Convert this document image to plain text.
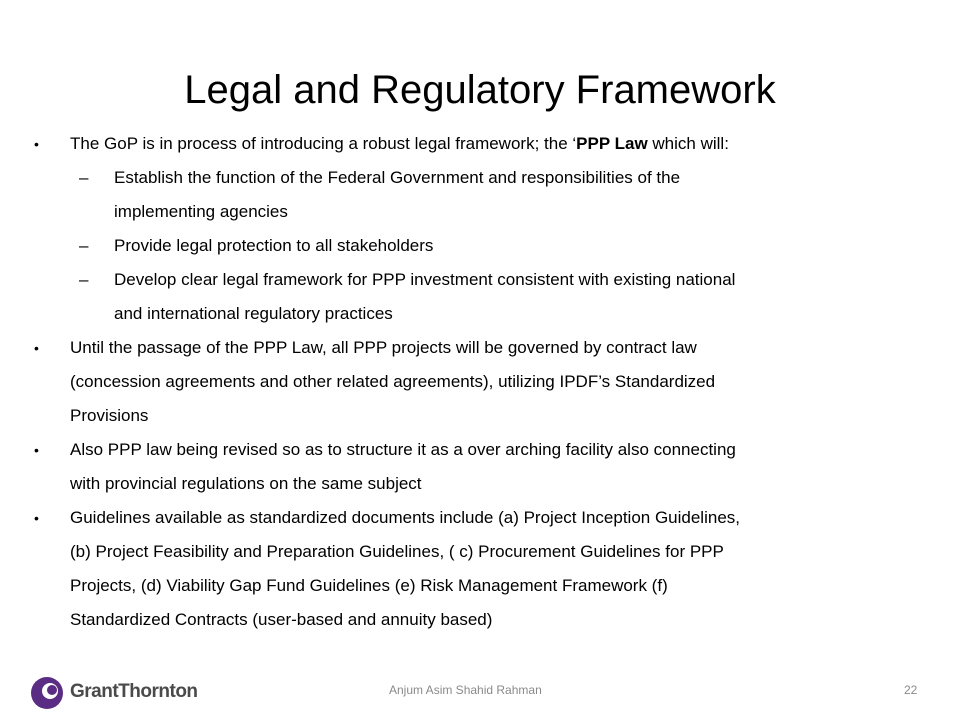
Legal and Regulatory Framework

• The GoP is in process of introducing a robust legal framework; the ‘PPP Law which will:

– Establish the function of the Federal Government and responsibilities of the
implementing agencies

– Provide legal protection to all stakeholders

– Develop clear legal framework for PPP investment consistent with existing national
and international regulatory practices

• Until the passage of the PPP Law, all PPP projects will be governed by contract law
(concession agreements and other related agreements), utilizing IPDF’s Standardized
Provisions

• Also PPP law being revised so as to structure it as a over arching facility also connecting
with provincial regulations on the same subject

• Guidelines available as standardized documents include (a) Project Inception Guidelines,
(b) Project Feasibility and Preparation Guidelines, ( c) Procurement Guidelines for PPP
Projects, (d) Viability Gap Fund Guidelines (e) Risk Management Framework (f)
Standardized Contracts (user-based and annuity based)

GrantThornton	Anjum Asim Shahid Rahman	22
